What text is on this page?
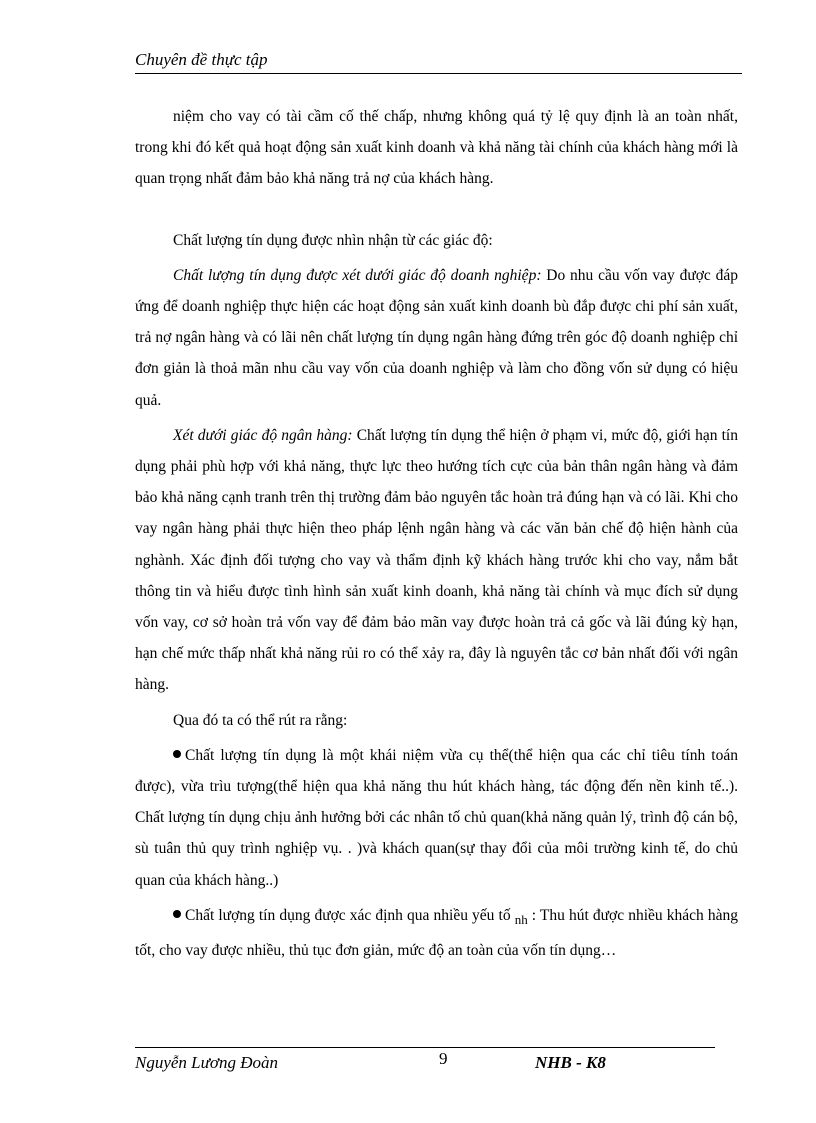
Chuyên đề thực tập

niệm cho vay có tài cầm cố thế chấp, nhưng không quá tỷ lệ quy định là an toàn nhất, trong khi đó kết quả hoạt động sản xuất kinh doanh và khả năng tài chính của khách hàng mới là quan trọng nhất đảm bảo khả năng trả nợ của khách hàng.

Chất lượng tín dụng được nhìn nhận từ các giác độ:

Chất lượng tín dụng được xét dưới giác độ doanh nghiệp: Do nhu cầu vốn vay được đáp ứng để doanh nghiệp thực hiện các hoạt động sản xuất kinh doanh bù đắp được chi phí sản xuất, trả nợ ngân hàng và có lãi nên chất lượng tín dụng ngân hàng đứng trên góc độ doanh nghiệp chỉ đơn giản là thoả mãn nhu cầu vay vốn của doanh nghiệp và làm cho đồng vốn sử dụng có hiệu quả.

Xét dưới giác độ ngân hàng: Chất lượng tín dụng thể hiện ở phạm vi, mức độ, giới hạn tín dụng phải phù hợp với khả năng, thực lực theo hướng tích cực của bản thân ngân hàng và đảm bảo khả năng cạnh tranh trên thị trường đảm bảo nguyên tắc hoàn trả đúng hạn và có lãi. Khi cho vay ngân hàng phải thực hiện theo pháp lệnh ngân hàng và các văn bản chế độ hiện hành của nghành. Xác định đối tượng cho vay và thẩm định kỹ khách hàng trước khi cho vay, nắm bắt thông tin và hiểu được tình hình sản xuất kinh doanh, khả năng tài chính và mục đích sử dụng vốn vay, cơ sở hoàn trả vốn vay để đảm bảo mãn vay được hoàn trả cả gốc và lãi đúng kỳ hạn, hạn chế mức thấp nhất khả năng rủi ro có thể xảy ra, đây là nguyên tắc cơ bản nhất đối với ngân hàng.

Qua đó ta có thể rút ra rằng:

Chất lượng tín dụng là một khái niệm vừa cụ thể(thể hiện qua các chỉ tiêu tính toán được), vừa trìu tượng(thể hiện qua khả năng thu hút khách hàng, tác động đến nền kinh tế..). Chất lượng tín dụng chịu ảnh hưởng bởi các nhân tố chủ quan(khả năng quản lý, trình độ cán bộ, sù tuân thủ quy trình nghiệp vụ. . )và khách quan(sự thay đổi của môi trường kinh tế, do chủ quan của khách hàng..)

Chất lượng tín dụng được xác định qua nhiều yếu tố $_{nh}$ : Thu hút được nhiều khách hàng tốt, cho vay được nhiều, thủ tục đơn giản, mức độ an toàn của vốn tín dụng…

Nguyễn Lương Đoàn	9	NHB - K8
